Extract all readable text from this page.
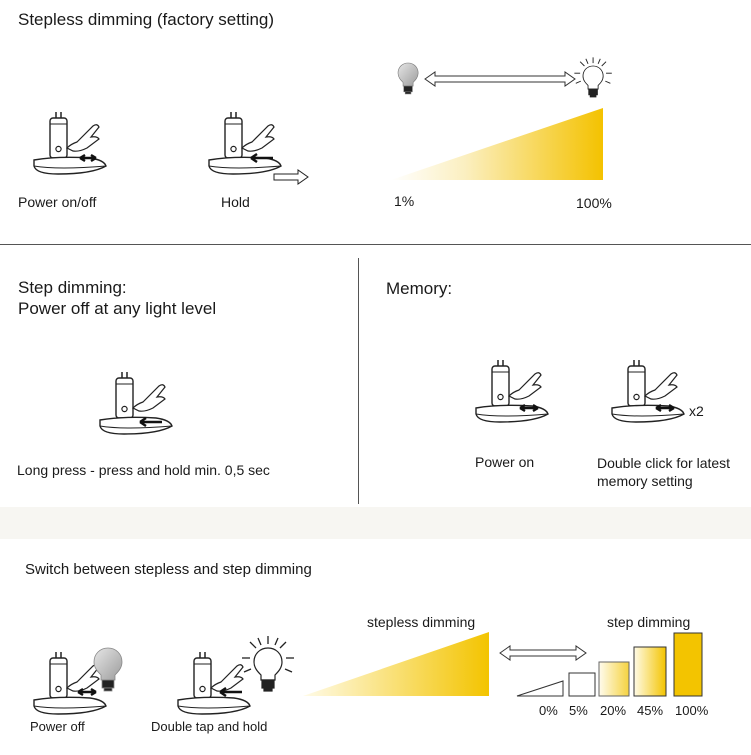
Stepless dimming (factory setting)
Power on/off	Hold	1%	100%
Step dimming:
Power off at any light level
Long press - press and hold min. 0,5 sec
Memory:
Power on
x2
Double click for latest
memory setting
Switch between stepless and step dimming
Power off	Double tap and hold
stepless dimming	step dimming
0% 5% 20% 45% 100%
